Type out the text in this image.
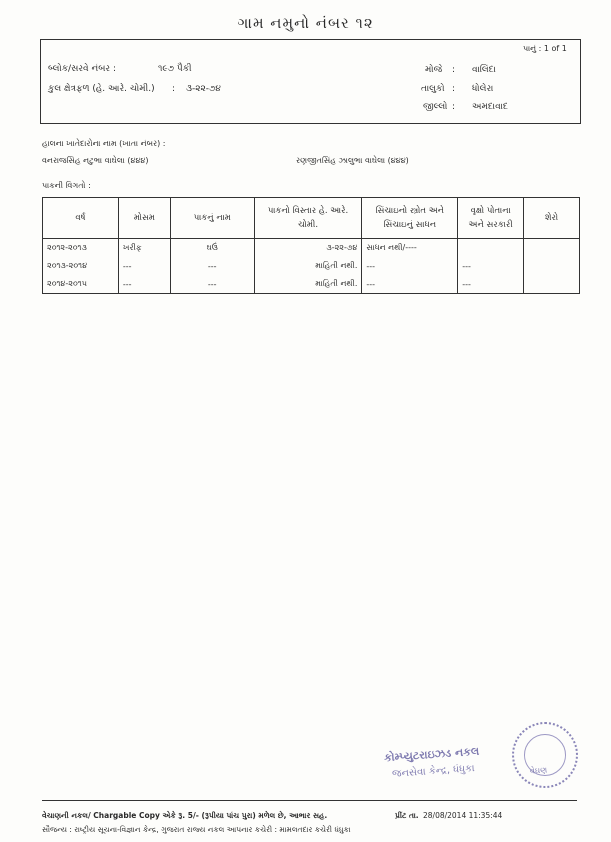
ગામ નમુનો નંબર ૧૨
પાનું : 1 of 1
બ્લોક/સરવે નંબર :	૧૯૭ પૈકી
કુલ ક્ષેત્રફળ (હે. આરે. ચોમી.) : ૩-૨૨-૭૪
મોજે : વાલિંદા
તાલુકો : ધોલેરા
જીલ્લો : અમદાવાદ
હાલના ખાતેદારોના નામ (ખાતા નંબર) :
વનરાજસિંહ નટુભા વાઘેલા (૪૪૪)	રણજીતસિંહ ઝાલુભા વાઘેલા (૪૪૪)
પાકની વિગતો :
વર્ષ	મોસમ	પાકનું નામ	પાકનો વિસ્તાર હે. આરે. ચોમી.	સિંચાઇનો સ્ત્રોત અને સિંચાઇનું સાધન	વૃક્ષો પોતાના અને સરકારી	શેરો
૨૦૧૨-૨૦૧૩	ખરીફ	ઘઉં	૩-૨૨-૭૪	સાધન નથી/----		
૨૦૧૩-૨૦૧૪	---	---	માહિતી નથી.	---	---	
૨૦૧૪-૨૦૧૫	---	---	માહિતી નથી.	---	---	
કોમ્પ્યુટરાઇઝડ નકલ
જનસેવા કેન્દ્ર, ધંધુકા	વેઘણ
વેચાણની નકલ/ Chargable Copy એકે રૂ. 5/- (રૂપીયા પાંચ પુરા) મળેલ છે, આભાર સહ.	પ્રીંટ તા. 28/08/2014 11:35:44
સૌજન્ય : રાષ્ટ્રીય સૂચના-વિજ્ઞાન કેન્દ્ર, ગુજરાત રાજ્ય નકલ આપનાર કચેરી : મામલતદાર કચેરી ધંધુકા
